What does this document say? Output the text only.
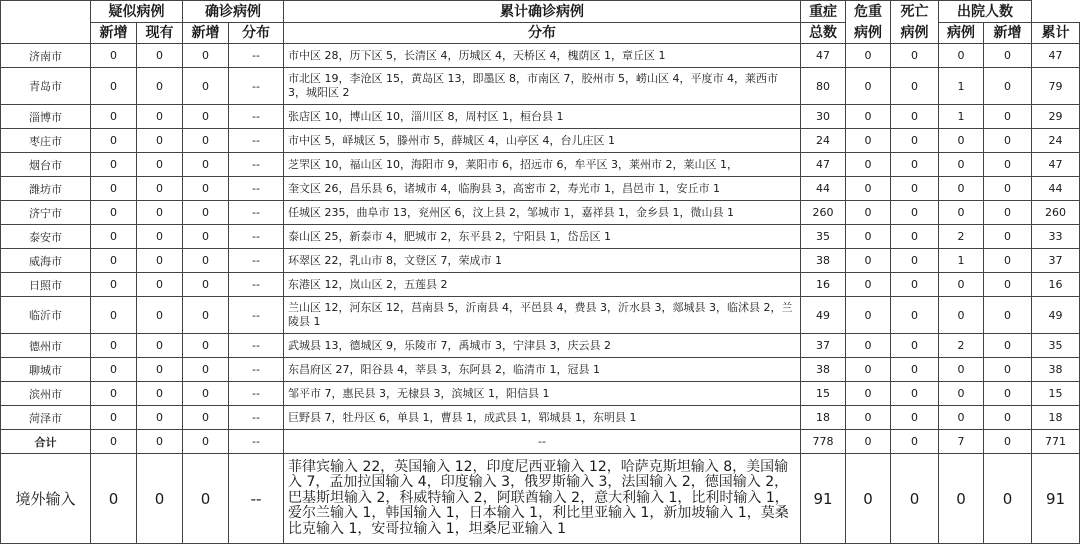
	疑似病例		确诊病例		累计确诊病例	重症	危重	死亡	出院人数	
	新增	现有	新增	分布	分布	总数	病例	病例	病例	新增	累计
济南市	0	0	0	--	市中区 28，历下区 5，长清区 4，历城区 4，天桥区 4，槐荫区 1，章丘区 1	47	0	0	0	0	47
青岛市	0	0	0	--	市北区 19，李沧区 15，黄岛区 13，即墨区 8，市南区 7，胶州市 5，崂山区 4，平度市 4，莱西市 3，城阳区 2	80	0	0	1	0	79
淄博市	0	0	0	--	张店区 10，博山区 10，淄川区 8，周村区 1，桓台县 1	30	0	0	1	0	29
枣庄市	0	0	0	--	市中区 5，峄城区 5，滕州市 5，薛城区 4，山亭区 4，台儿庄区 1	24	0	0	0	0	24
烟台市	0	0	0	--	芝罘区 10，福山区 10，海阳市 9，莱阳市 6，招远市 6，牟平区 3，莱州市 2，莱山区 1，	47	0	0	0	0	47
潍坊市	0	0	0	--	奎文区 26，昌乐县 6，诸城市 4，临朐县 3，高密市 2，寿光市 1，昌邑市 1，安丘市 1	44	0	0	0	0	44
济宁市	0	0	0	--	任城区 235，曲阜市 13，兖州区 6，汶上县 2，邹城市 1，嘉祥县 1，金乡县 1，微山县 1	260	0	0	0	0	260
泰安市	0	0	0	--	泰山区 25，新泰市 4，肥城市 2，东平县 2，宁阳县 1，岱岳区 1	35	0	0	2	0	33
威海市	0	0	0	--	环翠区 22，乳山市 8，文登区 7，荣成市 1	38	0	0	1	0	37
日照市	0	0	0	--	东港区 12，岚山区 2，五莲县 2	16	0	0	0	0	16
临沂市	0	0	0	--	兰山区 12，河东区 12，莒南县 5，沂南县 4，平邑县 4，费县 3，沂水县 3，郯城县 3，临沭县 2，兰陵县 1	49	0	0	0	0	49
德州市	0	0	0	--	武城县 13，德城区 9，乐陵市 7，禹城市 3，宁津县 3，庆云县 2	37	0	0	2	0	35
聊城市	0	0	0	--	东昌府区 27，阳谷县 4，莘县 3，东阿县 2，临清市 1，冠县 1	38	0	0	0	0	38
滨州市	0	0	0	--	邹平市 7，惠民县 3，无棣县 3，滨城区 1，阳信县 1	15	0	0	0	0	15
菏泽市	0	0	0	--	巨野县 7，牡丹区 6，单县 1，曹县 1，成武县 1，郓城县 1，东明县 1	18	0	0	0	0	18
合计	0	0	0	--	--	778	0	0	7	0	771
境外输入	0	0	0	--	菲律宾输入 22，英国输入 12，印度尼西亚输入 12，哈萨克斯坦输入 8，美国输入 7，孟加拉国输入 4，印度输入 3，俄罗斯输入 3，法国输入 2，德国输入 2，巴基斯坦输入 2，科威特输入 2，阿联酋输入 2，意大利输入 1，比利时输入 1，爱尔兰输入 1，韩国输入 1，日本输入 1，利比里亚输入 1，新加坡输入 1，莫桑比克输入 1，安哥拉输入 1，坦桑尼亚输入 1	91	0	0	0	0	91
